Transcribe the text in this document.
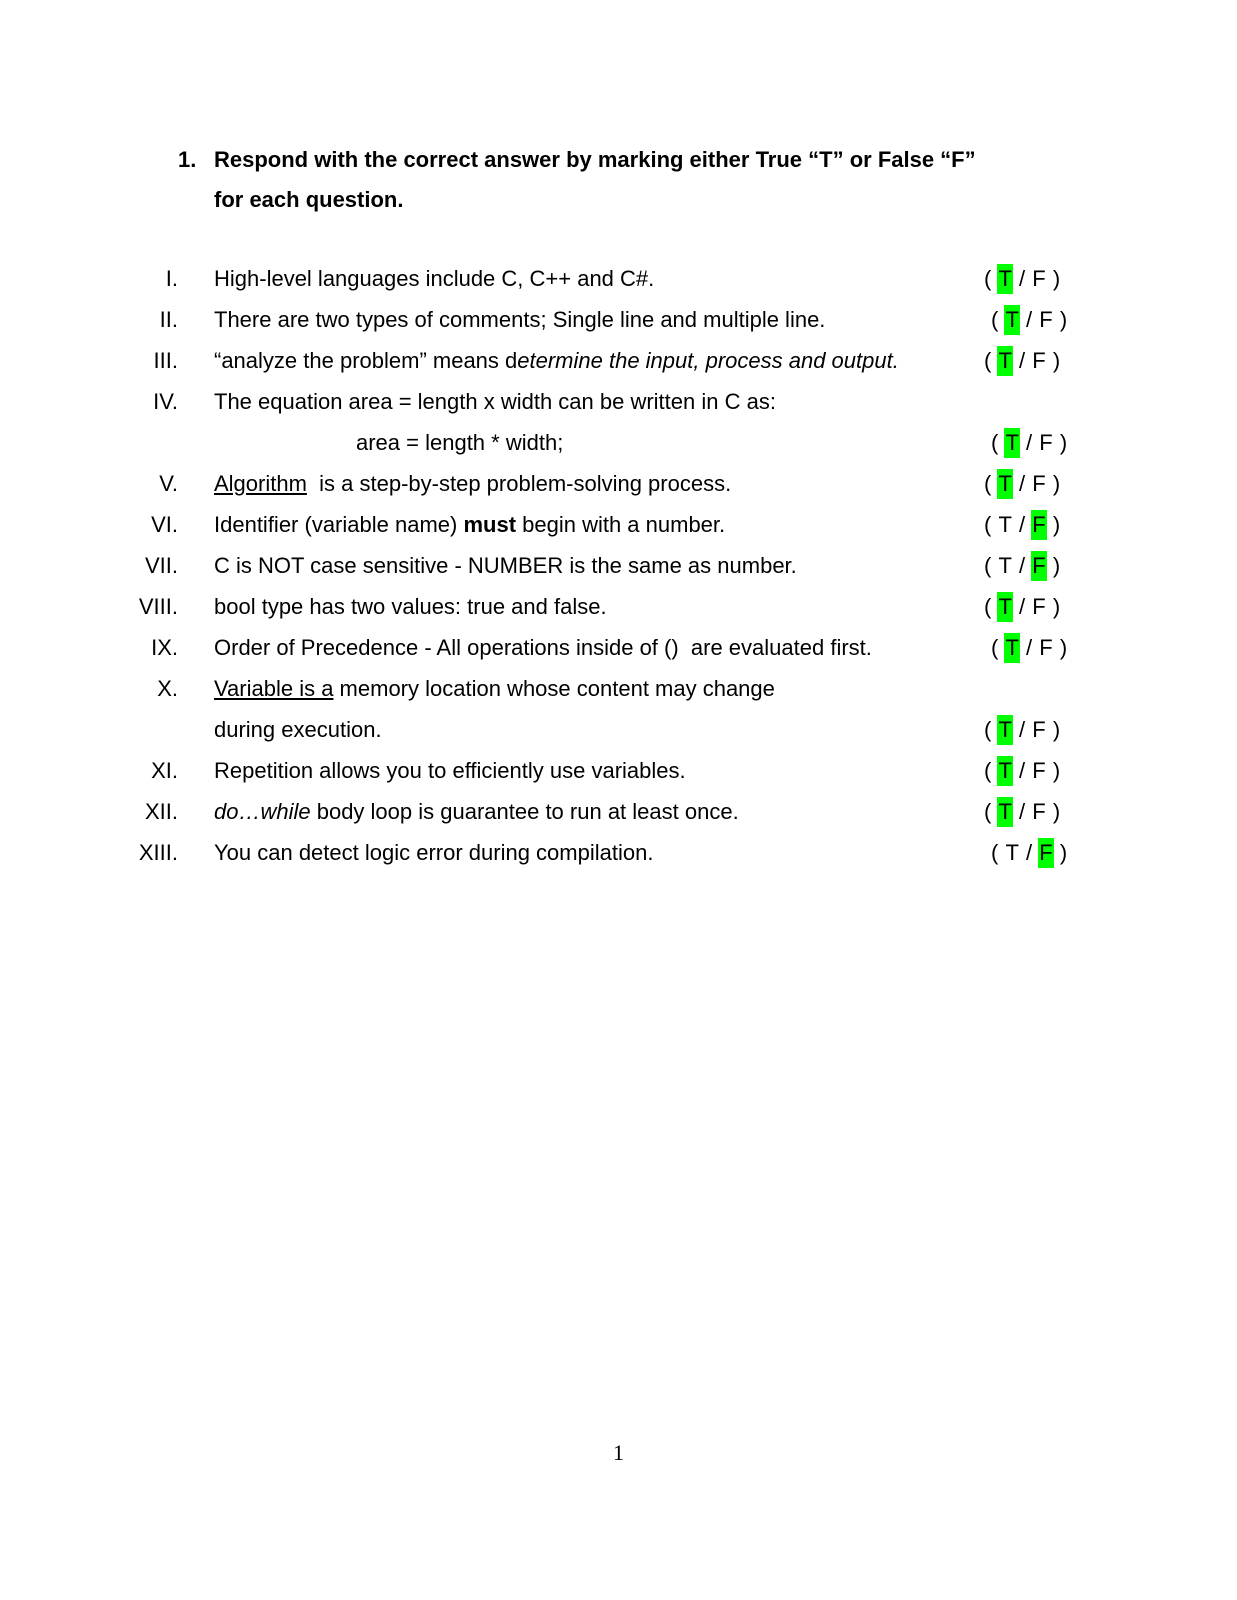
1. Respond with the correct answer by marking either True “T” or False “F”
for each question.
I. High-level languages include C, C++ and C#.	( T / F )
II. There are two types of comments; Single line and multiple line.	( T / F )
III. “analyze the problem” means determine the input, process and output.	( T / F )
IV. The equation area = length x width can be written in C as:
area = length * width;	( T / F )
V. Algorithm  is a step-by-step problem-solving process.	( T / F )
VI. Identifier (variable name) must begin with a number.	( T / F )
VII. C is NOT case sensitive - NUMBER is the same as number.	( T / F )
VIII. bool type has two values: true and false.	( T / F )
IX. Order of Precedence - All operations inside of ()  are evaluated first.	( T / F )
X. Variable is a memory location whose content may change
during execution.	( T / F )
XI. Repetition allows you to efficiently use variables.	( T / F )
XII. do…while body loop is guarantee to run at least once.	( T / F )
XIII. You can detect logic error during compilation.	( T / F )
1
